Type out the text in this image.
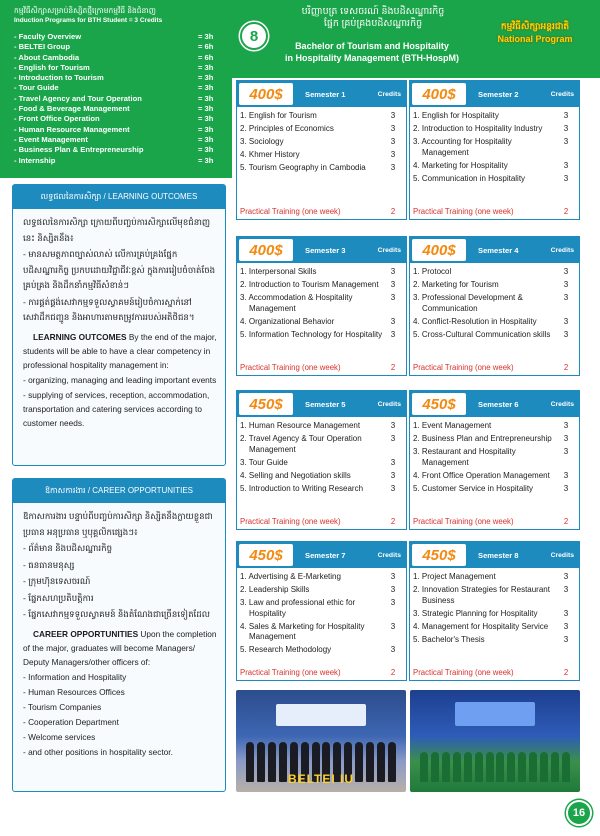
កម្មវិធីសិក្សាសម្រាប់និស្សិតថ្មីក្រោមកម្មវិធី និងជំនាញ
Induction Programs for BTH Student = 3 Credits
- Faculty Overview	= 3h
- BELTEI Group	= 6h
- About Cambodia	= 6h
- English for Tourism	= 3h
- Introduction to Tourism	= 3h
- Tour Guide	= 3h
- Travel Agency and Tour Operation	= 3h
- Food & Beverage Management	= 3h
- Front Office Operation	= 3h
- Human Resource Management	= 3h
- Event Management	= 3h
- Business Plan & Entrepreneurship	= 3h
- Internship	= 3h
លទ្ធផលនៃការសិក្សា / LEARNING OUTCOMES

លទ្ធផលនៃការសិក្សា ក្រោយពីបញ្ចប់ការសិក្សាលើមុខជំនាញនេះ និស្សិតនឹង៖

- មានសមត្ថភាពច្បាស់លាស់ លើការគ្រប់គ្រងផ្នែកបដិសណ្ឋារកិច្ច ប្រកបដោយវិជ្ជាជីវៈខ្ពស់ ក្នុងការរៀបចំចាត់ចែងគ្រប់គ្រង និងដឹកនាំកម្មវិធីសំខាន់ៗ

- ការផ្គត់ផ្គង់សេវាកម្មទទួលស្វាគមន៍រៀបចំការស្នាក់នៅ សេវាដឹកជញ្ជូន និងអាហារតាមតម្រូវការរបស់អតិថិជន។

LEARNING OUTCOMES By the end of the major, students will be able to have a clear competency in professional hospitality management in:

- organizing, managing and leading important events

- supplying of services, reception, accommodation, transportation and catering services according to customer needs.

ឱកាសការងារ / CAREER OPPORTUNITIES

ឱកាសការងារ បន្ទាប់ពីបញ្ចប់ការសិក្សា និស្សិតនឹងក្លាយខ្លួនជាប្រធាន អនុប្រធាន ឬបុគ្គលិកផ្សេងៗ៖

- ព័ត៌មាន និងបដិសណ្ឋារកិច្ច

- ធនធានមនុស្ស

- ក្រុមហ៊ុនទេសចរណ៍

- ផ្នែកសហប្រតិបត្តិការ

- ផ្នែកសេវាកម្មទទួលស្វាគមន៍ និងតំណែងជាច្រើនទៀតដែល

CAREER OPPORTUNITIES Upon the completion of the major, graduates will become Managers/ Deputy Managers/other officers of:

- Information and Hospitality

- Human Resources Offices

- Tourism Companies

- Cooperation Department

- Welcome services

- and other positions in hospitality sector.

8
បរិញ្ញាបត្រ ទេសចរណ៍ និងបដិសណ្ឋារកិច្ច
ផ្នែក គ្រប់គ្រងបដិសណ្ឋារកិច្ច
Bachelor of Tourism and Hospitality
in Hospitality Management (BTH-HospM)
កម្មវិធីសិក្សាអន្តរជាតិ
National Program
400$	Semester 1	Credits
1. English for Tourism	3
2. Principles of Economics	3
3. Sociology	3
4. Khmer History	3
5. Tourism Geography in Cambodia	3
Practical Training (one week)	2
400$	Semester 2	Credits
1. English for Hospitality	3
2. Introduction to Hospitality Industry	3
3. Accounting for Hospitality Management
3
4. Marketing for Hospitality	3
5. Communication in Hospitality	3
Practical Training (one week)	2
400$	Semester 3	Credits
1. Interpersonal Skills	3
2. Introduction to Tourism Management	3
3. Accommodation & Hospitality Management
3
4. Organizational Behavior	3
5. Information Technology for Hospitality	3
Practical Training (one week)	2
400$	Semester 4	Credits
1. Protocol	3
2. Marketing for Tourism	3
3. Professional Development & Communication
3
4. Conflict-Resolution in Hospitality	3
5. Cross-Cultural Communication skills	3
Practical Training (one week)	2
450$	Semester 5	Credits
1. Human Resource Management	3
2. Travel Agency & Tour Operation Management
3
3. Tour Guide	3
4. Selling and Negotiation skills	3
5. Introduction to Writing Research	3
Practical Training (one week)	2
450$	Semester 6	Credits
1. Event Management	3
2. Business Plan and Entrepreneurship	3
3. Restaurant and Hospitality Management
3
4. Front Office Operation Management	3
5. Customer Service in Hospitality	3
Practical Training (one week)	2
450$	Semester 7	Credits
1. Advertising & E-Marketing	3
2. Leadership Skills	3
3. Law and professional ethic for Hospitality
3
4. Sales & Marketing for Hospitality Management
3
5. Research Methodology	3
Practical Training (one week)	2
450$	Semester 8	Credits
1. Project Management	3
2. Innovation Strategies for Restaurant Business
3
3. Strategic Planning for Hospitality	3
4. Management for Hospitality Service	3
5. Bachelor's Thesis	3
Practical Training (one week)	2
BELTEI IU
16
